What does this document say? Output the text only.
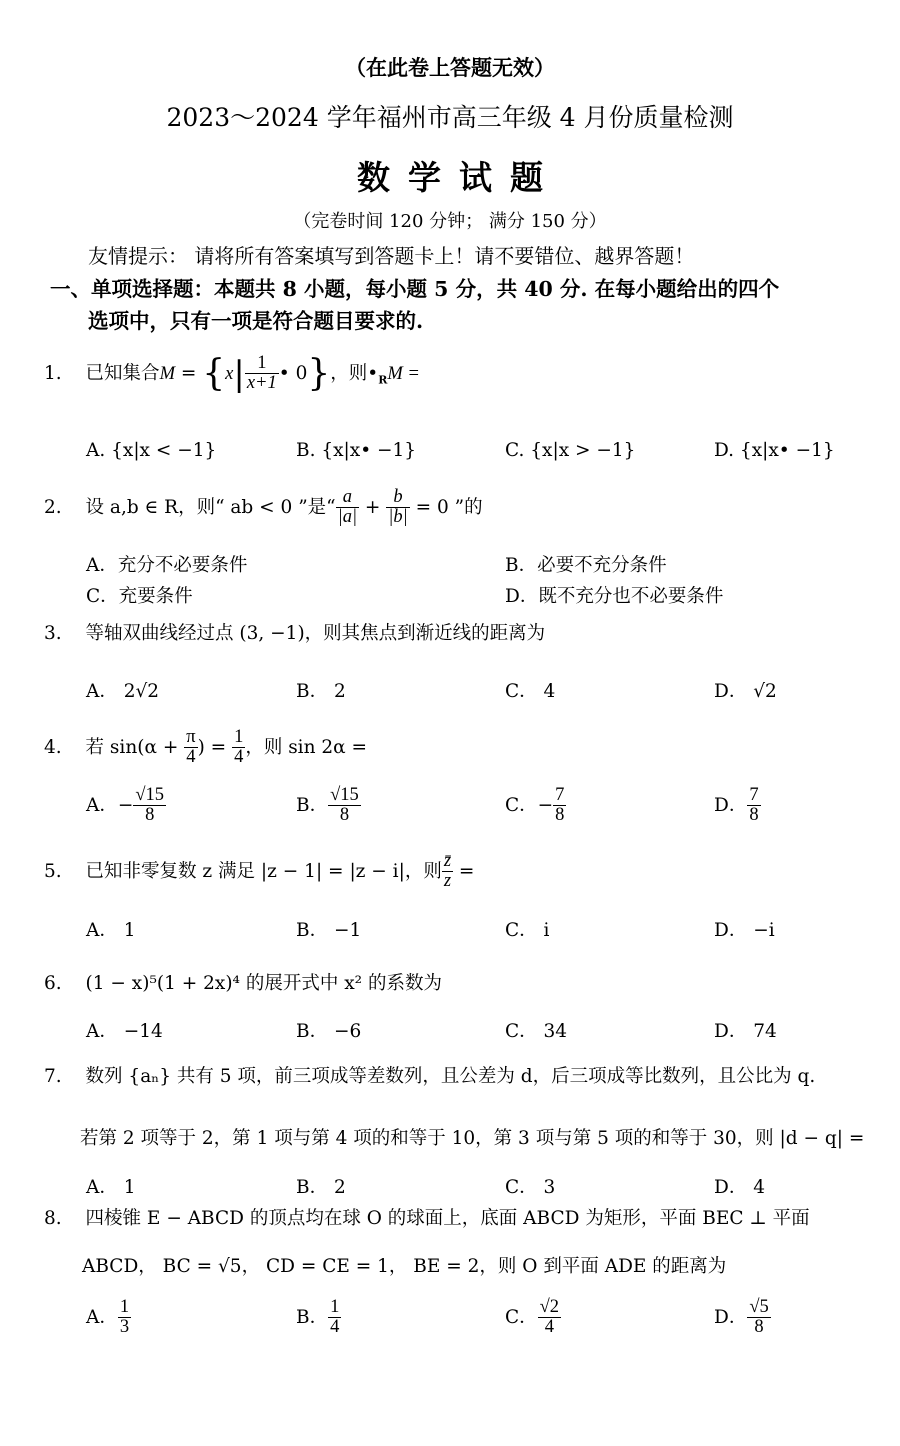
（在此卷上答题无效）
2023～2024 学年福州市高三年级 4 月份质量检测
数学试题
（完卷时间 120 分钟； 满分 150 分）
友情提示： 请将所有答案填写到答题卡上！请不要错位、越界答题！
一、单项选择题：本题共 8 小题，每小题 5 分，共 40 分. 在每小题给出的四个
选项中，只有一项是符合题目要求的.
1. 已知集合$M = \{x| \frac{1}{x+1}$ • 0}，则$•_RM$ =
A. {x|x < −1}	B. {x|x• −1}	C. {x|x > −1}	D. {x|x• −1}
2. 设 a,b ∈ R，则“ ab < 0 ”是“ $\frac{a}{|a|} + \frac{b}{|b|} = 0$ ”的
A．充分不必要条件	B．必要不充分条件
C．充要条件	D．既不充分也不必要条件
3. 等轴双曲线经过点 (3, −1)，则其焦点到渐近线的距离为
A． 2√2	B． 2	C． 4	D． √2
4. 若 $\sin(\alpha + \frac{\pi}{4}$ ) = $\frac{1}{4}$ ，则 sin 2α =
A．− $\frac{√15}{8}$	B． $\frac{√15}{8}$	C．− $\frac{7}{8}$	D． $\frac{7}{8}$
5. 已知非零复数 z 满足 |z − 1| = |z − i|，则 $\frac{z̄}{z}$ =
A． 1	B． −1	C． i	D． −i
6. (1 − x)⁵(1 + 2x)⁴ 的展开式中 x² 的系数为
A． −14	B． −6	C． 34	D． 74
7. 数列 {aₙ} 共有 5 项，前三项成等差数列，且公差为 d，后三项成等比数列，且公比为 q.
若第 2 项等于 2，第 1 项与第 4 项的和等于 10，第 3 项与第 5 项的和等于 30，则 |d − q| =
A． 1	B． 2	C． 3	D． 4
8. 四棱锥 E − ABCD 的顶点均在球 O 的球面上，底面 ABCD 为矩形，平面 BEC ⊥ 平面
ABCD， BC = √5， CD = CE = 1， BE = 2，则 O 到平面 ADE 的距离为
A． $\frac{1}{3}$	B． $\frac{1}{4}$	C． $\frac{√2}{4}$	D． $\frac{√5}{8}$
